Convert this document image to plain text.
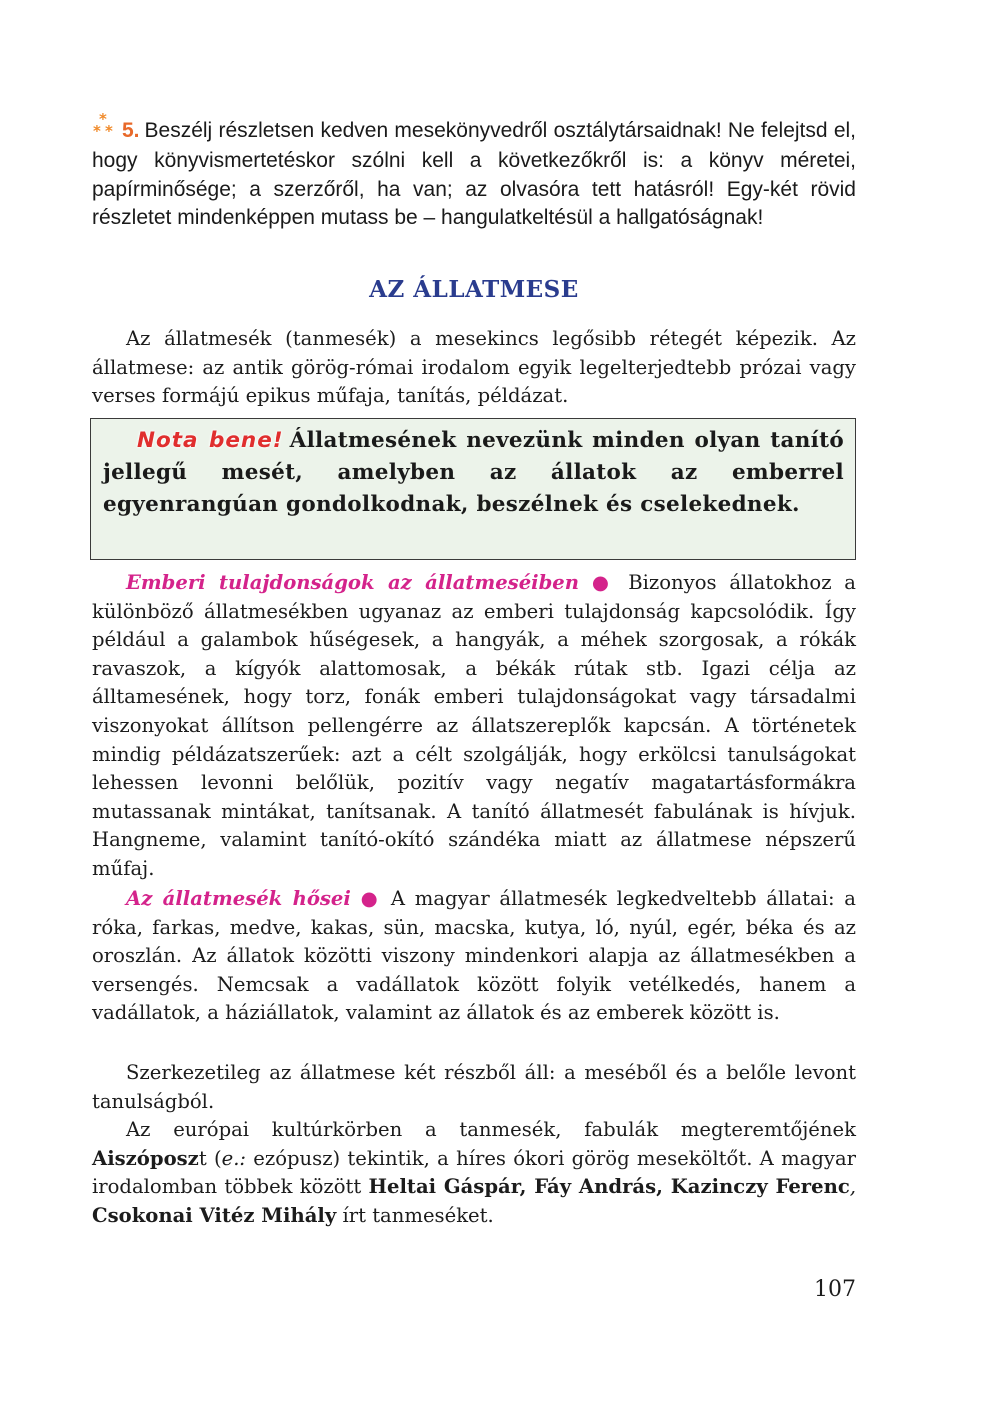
*
* * 5. Beszélj részletsen kedven mesekönyvedről osztálytársaidnak! Ne felejtsd el, hogy könyvismertetéskor szólni kell a következőkről is: a könyv méretei, papírminősége; a szerzőről, ha van; az olvasóra tett hatásról! Egy-két rövid részletet mindenképpen mutass be – hangulatkeltésül a hallgatóságnak!
AZ ÁLLATMESE

Az állatmesék (tanmesék) a mesekincs legősibb rétegét képezik. Az állatmese: az antik görög-római irodalom egyik legelterjedtebb prózai vagy verses formájú epikus műfaja, tanítás, példázat.

Nota bene! Állatmesének nevezünk minden olyan tanító jellegű mesét, amelyben az állatok az emberrel egyenrangúan gondolkodnak, beszélnek és cselekednek.

Emberi tulajdonságok az állatmeséiben ● Bizonyos állatokhoz a különböző állatmesékben ugyanaz az emberi tulajdonság kapcsolódik. Így például a galambok hűségesek, a hangyák, a méhek szorgosak, a rókák ravaszok, a kígyók alattomosak, a békák rútak stb. Igazi célja az álltamesének, hogy torz, fonák emberi tulajdonságokat vagy társadalmi viszonyokat állítson pellengérre az állatszereplők kapcsán. A történetek mindig példázatszerűek: azt a célt szolgálják, hogy erkölcsi tanulságokat lehessen levonni belőlük, pozitív vagy negatív magatartásformákra mutassanak mintákat, tanítsanak. A tanító állatmesét fabulának is hívjuk. Hangneme, valamint tanító-okító szándéka miatt az állatmese népszerű műfaj.

Az állatmesék hősei ● A magyar állatmesék legkedveltebb állatai: a róka, farkas, medve, kakas, sün, macska, kutya, ló, nyúl, egér, béka és az oroszlán. Az állatok közötti viszony mindenkori alapja az állatmesékben a versengés. Nemcsak a vadállatok között folyik vetélkedés, hanem a vadállatok, a háziállatok, valamint az állatok és az emberek között is.

Szerkezetileg az állatmese két részből áll: a meséből és a belőle levont tanulságból.

Az európai kultúrkörben a tanmesék, fabulák megteremtőjének Aiszóposzt (e.: ezópusz) tekintik, a híres ókori görög meseköltőt. A magyar irodalomban többek között Heltai Gáspár, Fáy András, Kazinczy Ferenc, Csokonai Vitéz Mihály írt tanmeséket.

107
